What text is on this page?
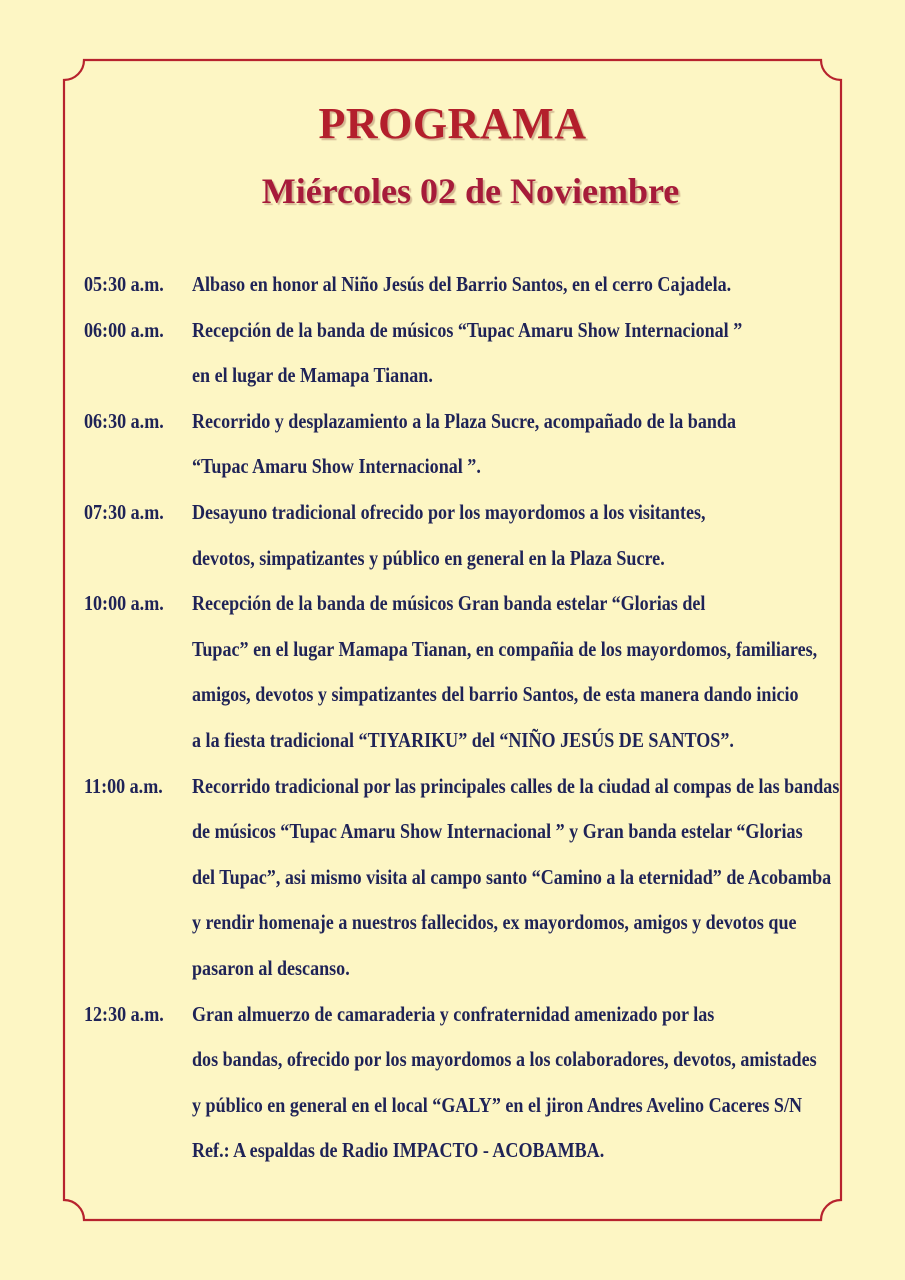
PROGRAMA
Miércoles 02 de Noviembre
05:30 a.m.	Albaso en honor al Niño Jesús del Barrio Santos, en el cerro Cajadela.
06:00 a.m.	Recepción de la banda de músicos “Tupac Amaru Show Internacional ”
en el lugar de Mamapa Tianan.
06:30 a.m.	Recorrido y desplazamiento a la Plaza Sucre, acompañado de la banda
“Tupac Amaru Show Internacional ”.
07:30 a.m.	Desayuno tradicional ofrecido por los mayordomos a los visitantes,
devotos, simpatizantes y público en general en la Plaza Sucre.
10:00 a.m.	Recepción de la banda de músicos Gran banda estelar “Glorias del
Tupac” en el lugar Mamapa Tianan, en compañia de los mayordomos, familiares,
amigos, devotos y simpatizantes del barrio Santos, de esta manera dando inicio
a la fiesta tradicional “TIYARIKU” del “NIÑO JESÚS DE SANTOS”.
11:00 a.m.	Recorrido tradicional por las principales calles de la ciudad al compas de las bandas
de músicos “Tupac Amaru Show Internacional ” y Gran banda estelar “Glorias
del Tupac”, asi mismo visita al campo santo “Camino a la eternidad” de Acobamba
y rendir homenaje a nuestros fallecidos, ex mayordomos, amigos y devotos que
pasaron al descanso.
12:30 a.m.	Gran almuerzo de camaraderia y confraternidad amenizado por las
dos bandas, ofrecido por los mayordomos a los colaboradores, devotos, amistades
y público en general en el local “GALY” en el jiron Andres Avelino Caceres S/N
Ref.: A espaldas de Radio IMPACTO - ACOBAMBA.
